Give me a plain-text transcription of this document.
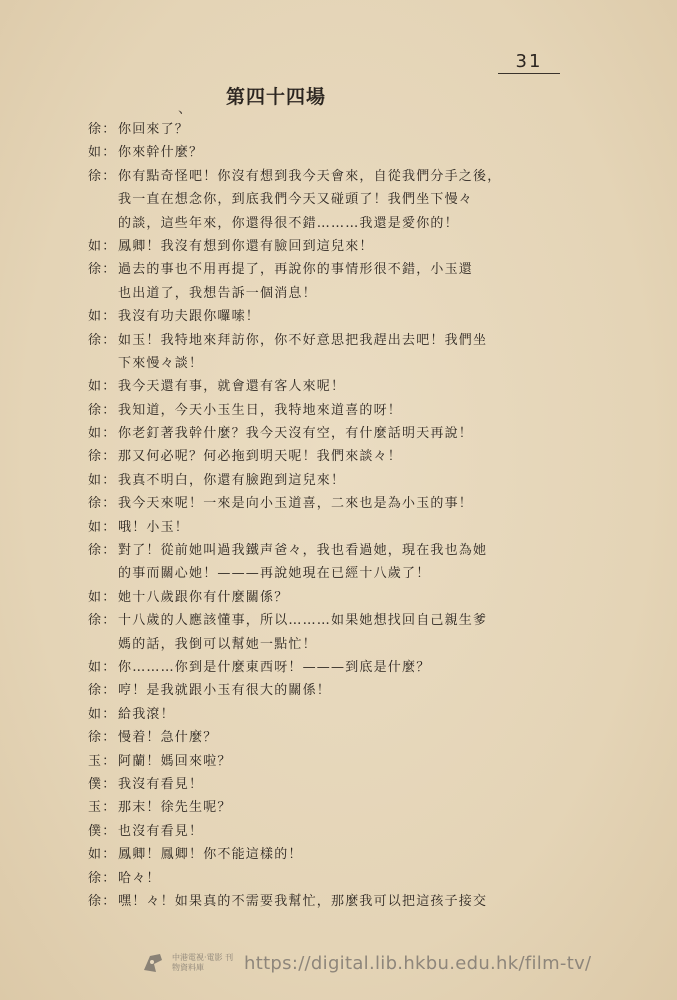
31
、
第四十四場
徐： 你回來了？
如： 你來幹什麼？
徐： 你有點奇怪吧！你沒有想到我今天會來，自從我們分手之後，
我一直在想念你，到底我們今天又碰頭了！我們坐下慢々
的談，這些年來，你還得很不錯………我還是愛你的！
如： 鳳卿！我沒有想到你還有臉回到這兒來！
徐： 過去的事也不用再提了，再說你的事情形很不錯，小玉還
也出道了，我想告訴一個消息！
如： 我沒有功夫跟你囉嗦！
徐： 如玉！我特地來拜訪你，你不好意思把我趕出去吧！我們坐
下來慢々談！
如： 我今天還有事，就會還有客人來呢！
徐： 我知道，今天小玉生日，我特地來道喜的呀！
如： 你老釘著我幹什麼？我今天沒有空，有什麼話明天再說！
徐： 那又何必呢？何必拖到明天呢！我們來談々！
如： 我真不明白，你還有臉跑到這兒來！
徐： 我今天來呢！一來是向小玉道喜，二來也是為小玉的事！
如： 哦！小玉！
徐： 對了！從前她叫過我鐵声爸々，我也看過她，現在我也為她
的事而關心她！———再說她現在已經十八歲了！
如： 她十八歲跟你有什麼關係？
徐： 十八歲的人應該懂事，所以………如果她想找回自己親生爹
媽的話，我倒可以幫她一點忙！
如： 你………你到是什麼東西呀！———到底是什麼？
徐： 哼！是我就跟小玉有很大的關係！
如： 給我滾！
徐： 慢着！急什麼？
玉： 阿蘭！媽回來啦？
僕： 我沒有看見！
玉： 那末！徐先生呢？
僕： 也沒有看見！
如： 鳳卿！鳳卿！你不能這樣的！
徐： 哈々！
徐： 嘿！々！如果真的不需要我幫忙，那麼我可以把這孩子接交
中港電視·電影 刊物資料庫	https://digital.lib.hkbu.edu.hk/film-tv/
